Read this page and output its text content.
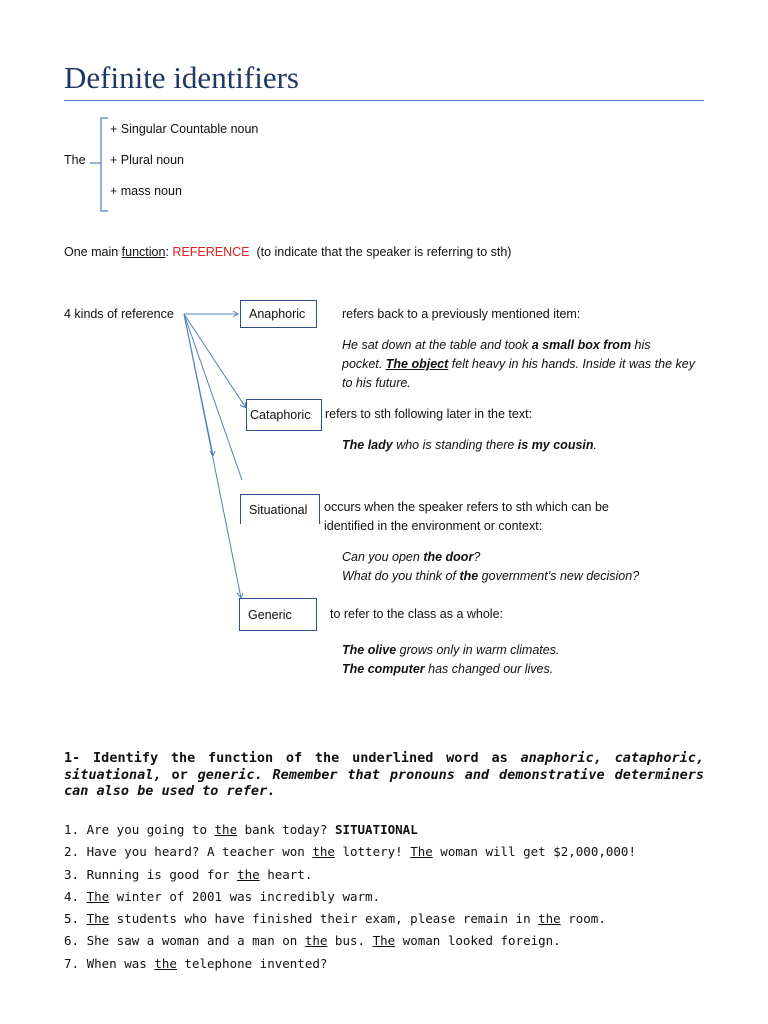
Definite identifiers
The
+ Singular Countable noun
+ Plural noun
+ mass noun
One main function: REFERENCE (to indicate that the speaker is referring to sth)
4 kinds of reference	Anaphoric	refers back to a previously mentioned item:
He sat down at the table and took a small box from his
pocket. The object felt heavy in his hands. Inside it was the key
to his future.
Cataphoric refers to sth following later in the text:
The lady who is standing there is my cousin.
Situational occurs when the speaker refers to sth which can be
identified in the environment or context:
Can you open the door?
What do you think of the government’s new decision?
Generic	to refer to the class as a whole:
The olive grows only in warm climates.
The computer has changed our lives.
1- Identify the function of the underlined word as anaphoric, cataphoric, situational, or generic. Remember that pronouns and demonstrative determiners can also be used to refer.
1. Are you going to the bank today? SITUATIONAL
2. Have you heard? A teacher won the lottery! The woman will get $2,000,000!
3. Running is good for the heart.
4. The winter of 2001 was incredibly warm.
5. The students who have finished their exam, please remain in the room.
6. She saw a woman and a man on the bus. The woman looked foreign.
7. When was the telephone invented?
